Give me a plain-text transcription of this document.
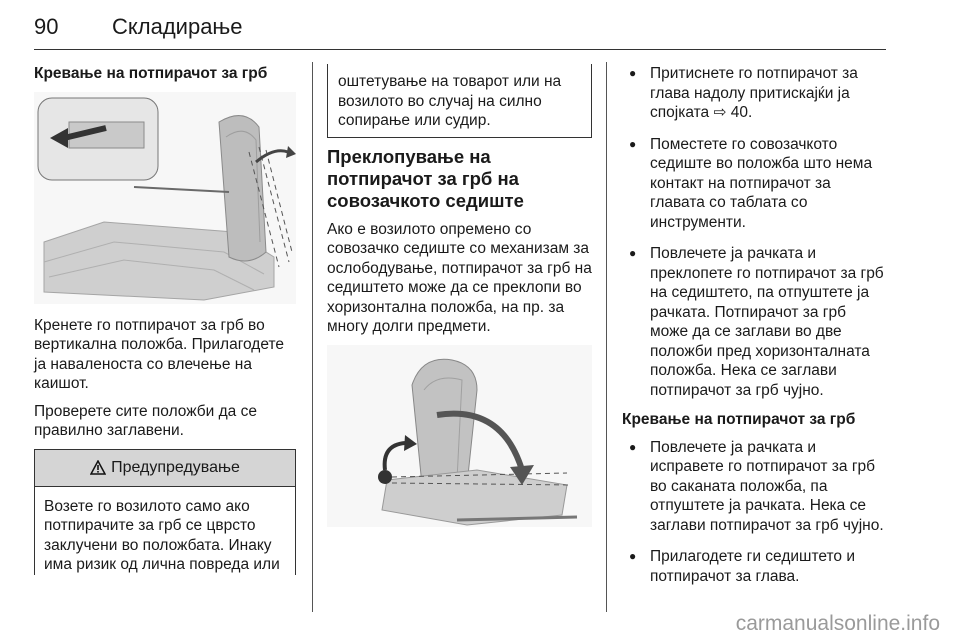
90 Складирање

Кревање на потпирачот за грб

Кренете го потпирачот за грб во вертикална положба. Прилагодете ја наваленоста со влечење на каишот.

Проверете сите положби да се правилно заглавени.

Предупредување
Возете го возилото само ако потпирачите за грб се цврсто заклучени во положбата. Инаку има ризик од лична повреда или
оштетување на товарот или на возилото во случај на силно сопирање или судир.

Преклопување на потпирачот за грб на совозачкото седиште

Ако е возилото опремено со совозачко седиште со механизам за ослободување, потпирачот за грб на седиштето може да се преклопи во хоризонтална положба, на пр. за многу долги предмети.

● Притиснете го потпирачот за глава надолу притискајќи ја спојката ⇨ 40.
● Поместете го совозачкото седиште во положба што нема контакт на потпирачот за главата со таблата со инструменти.
● Повлечете ја рачката и преклопете го потпирачот за грб на седиштето, па отпуштете ја рачката. Потпирачот за грб може да се заглави во две положби пред хоризонталната положба. Нека се заглави потпирачот за грб чујно.

Кревање на потпирачот за грб

● Повлечете ја рачката и исправете го потпирачот за грб во саканата положба, па отпуштете ја рачката. Нека се заглави потпирачот за грб чујно.
● Прилагодете ги седиштето и потпирачот за глава.
carmanualsonline.info
